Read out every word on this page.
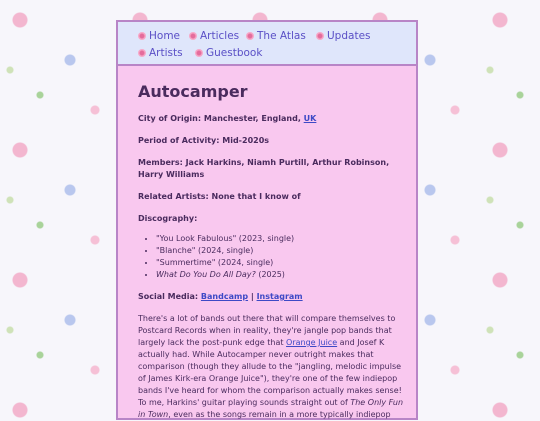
Home	Articles	The Atlas	Updates
Artists	Guestbook
Autocamper

City of Origin: Manchester, England, UK

Period of Activity: Mid-2020s

Members: Jack Harkins, Niamh Purtill, Arthur Robinson, Harry Williams

Related Artists: None that I know of

Discography:

• "You Look Fabulous" (2023, single)
• "Blanche" (2024, single)
• "Summertime" (2024, single)
• What Do You Do All Day? (2025)

Social Media: Bandcamp | Instagram

There's a lot of bands out there that will compare themselves to Postcard Records when in reality, they're jangle pop bands that largely lack the post-punk edge that Orange Juice and Josef K actually had. While Autocamper never outright makes that comparison (though they allude to the "jangling, melodic impulse of James Kirk-era Orange Juice"), they're one of the few indiepop bands I've heard for whom the comparison actually makes sense! To me, Harkins' guitar playing sounds straight out of The Only Fun in Town, even as the songs remain in a more typically indiepop
